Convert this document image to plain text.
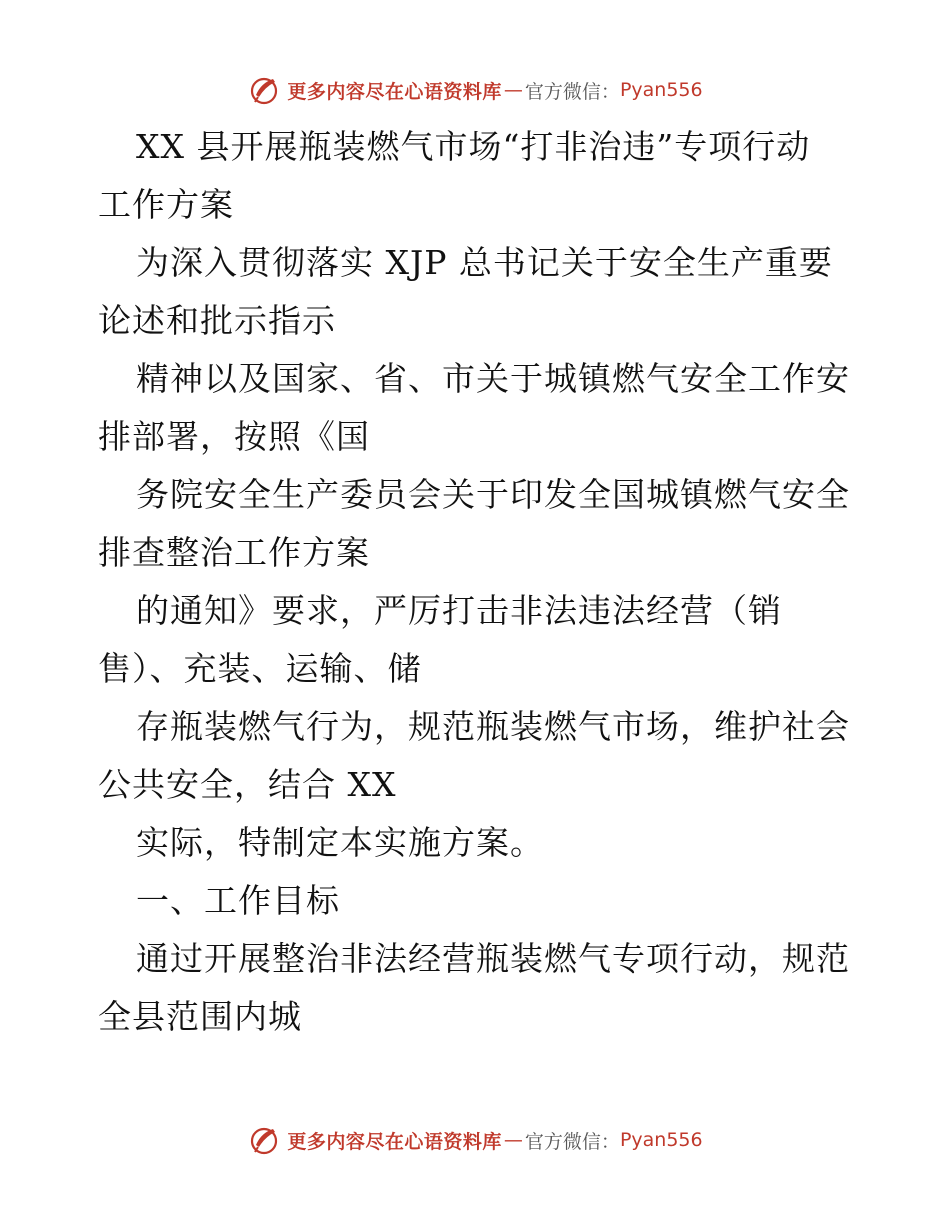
更多内容尽在心语资料库 — 官方微信： Pyan556
XX 县开展瓶装燃气市场“打非治违”专项行动
工作方案
为深入贯彻落实 XJP 总书记关于安全生产重要
论述和批示指示
精神以及国家、省、市关于城镇燃气安全工作安
排部署，按照《国
务院安全生产委员会关于印发全国城镇燃气安全
排查整治工作方案
的通知》要求，严厉打击非法违法经营（销
售）、充装、运输、储
存瓶装燃气行为，规范瓶装燃气市场，维护社会
公共安全，结合 XX
实际，特制定本实施方案。
一、工作目标
通过开展整治非法经营瓶装燃气专项行动，规范
全县范围内城
更多内容尽在心语资料库 — 官方微信： Pyan556
